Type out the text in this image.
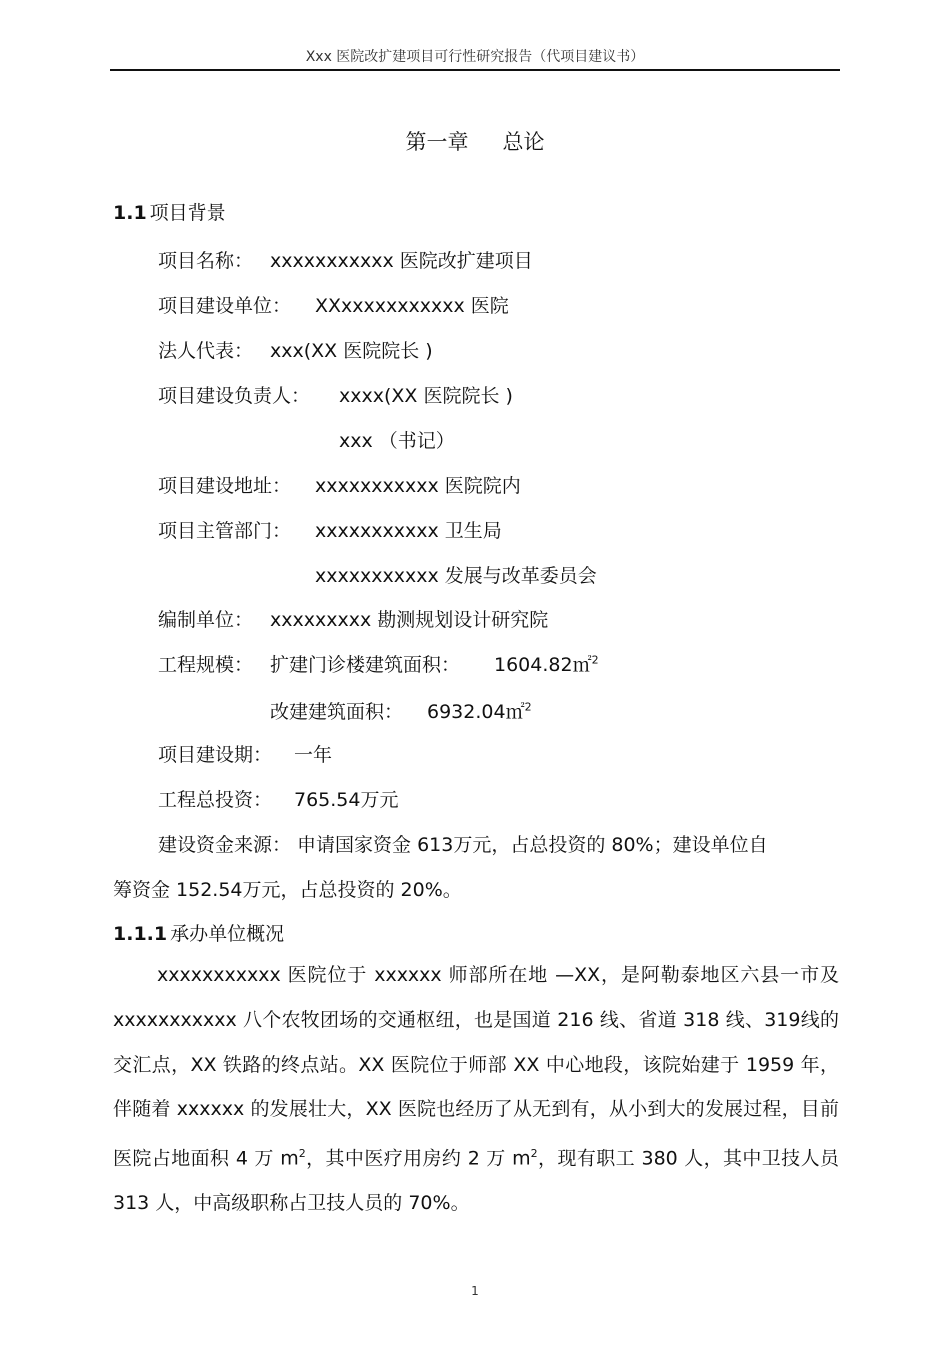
Xxx 医院改扩建项目可行性研究报告（代项目建议书）
第一章 总论
1.1 项目背景
项目名称： xxxxxxxxxxx 医院改扩建项目
项目建设单位： XXxxxxxxxxxxx 医院
法人代表： xxx(XX 医院院长 )
项目建设负责人： xxxx(XX 医院院长 )
xxx （书记）
项目建设地址： xxxxxxxxxxx 医院院内
项目主管部门： xxxxxxxxxxx 卫生局
xxxxxxxxxxx 发展与改革委员会
编制单位： xxxxxxxxx 勘测规划设计研究院
工程规模： 扩建门诊楼建筑面积： 1604.82㎡$^2$
改建建筑面积： 6932.04㎡$^2$
项目建设期： 一年
工程总投资： 765.54万元
建设资金来源： 申请国家资金 613万元，占总投资的 80%；建设单位自
筹资金 152.54万元，占总投资的 20%。
1.1.1 承办单位概况
xxxxxxxxxxx 医院位于 xxxxxx 师部所在地 —XX，是阿勒泰地区六县一市及 xxxxxxxxxxx 八个农牧团场的交通枢纽，也是国道 216 线、省道 318 线、319线的交汇点，XX 铁路的终点站。XX 医院位于师部 XX 中心地段，该院始建于 1959 年，伴随着 xxxxxx 的发展壮大，XX 医院也经历了从无到有，从小到大的发展过程，目前医院占地面积 4 万 $m^2$，其中医疗用房约 2 万 $m^2$，现有职工 380 人，其中卫技人员 313 人，中高级职称占卫技人员的 70%。
1
